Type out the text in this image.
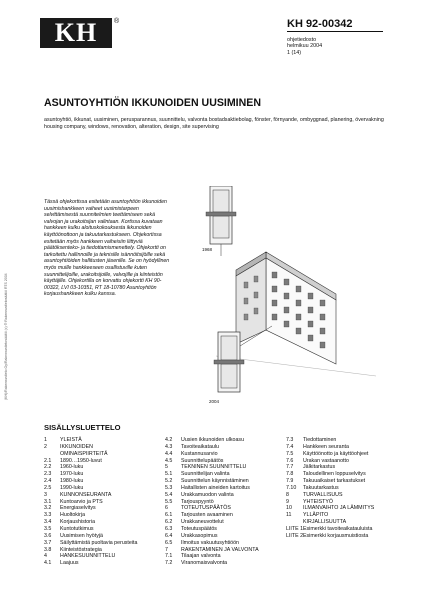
KH	®	KH 92-00342
ohjetiedosto
helmikuu 2004
1 (14)
ASUNTOYHTIÖN IKKUNOIDEN UUSIMINEN
asuntoyhtiö, ikkunat, uusiminen, perusparannus, suunnittelu, valvonta bostadsaktiebolag, fönster, förnyande, ombyggnad, planering, övervakning housing company, windows, renovation, alteration, design, site supervising
Tässä ohjekortissa esitetään asuntoyhtiön ikkunoiden uusimishankkeen vaiheet uusimistarpeen selvittämisestä suunnitelmien teettämiseen sekä valvojan ja urakoitsijan valintaan. Kortissa kuvataan hankkeen kulku aloituskokouksesta ikkunoiden käyttöönottoon ja takuutarkastukseen. Ohjekortissa esitetään myös hankkeen vaiheisiin liittyviä päätöksenteko- ja tiedottamismenettely. Ohjekortti on tarkoitettu hallinnoille ja teknisille isännöitsijöille sekä asuntoyhtiöiden hallitusten jäsenille. Se on hyödyllinen myös muille hankkeeseen osallistuville kuten suunnittelijoille, urakoitsijoille, valvojille ja kiinteistön käyttäjille. Ohjekortilla on korvattu ohjekortti KH 90-00322, LVI 03-10351, RT 18-10780 Asuntoyhtiön korjaushankkeen kulku kanssa.
1968
2004
SISÄLLYSLUETTELO
1	YLEISTÄ
2	IKKUNOIDEN
OMINAISPIIRTEITÄ
2.1	1890…1950-luvut
2.2	1960-luku
2.3	1970-luku
2.4	1980-luku
2.5	1990-luku
3	KUNNONSEURANTA
3.1	Kuntoarvio ja PTS
3.2	Energiaselvitys
3.3	Huoltokirja
3.4	Korjaushistoria
3.5	Kuntotutkimus
3.6	Uusimisen hyötyjä
3.7	Säilyttämistä puoltavia perusteita
3.8	Kiinteistöstrategia
4	HANKESUUNNITTELU
4.1	Laajuus
4.2	Uusien ikkunoiden ulkoasu
4.3	Tavoiteaikataulu
4.4	Kustannusarvio
4.5	Suunnittelupäätös
5	TEKNINEN SUUNNITTELU
5.1	Suunnittelijan valinta
5.2	Suunnittelun käynnistäminen
5.3	Haitallisten aineiden kartoitus
5.4	Urakkamuodon valinta
5.5	Tarjouspyyntö
6	TOTEUTUSPÄÄTÖS
6.1	Tarjousten avaaminen
6.2	Urakkaneuvottelut
6.3	Toteutuspäätös
6.4	Urakkasopimus
6.5	Ilmoitus vakuutusyhtiöön
7	RAKENTAMINEN JA VALVONTA
7.1	Tilaajan valvonta
7.2	Viranomaisvalvonta
7.3	Tiedottaminen
7.4	Hankkeen seuranta
7.5	Käyttöönotto ja käyttöohjeet
7.6	Urakan vastaanotto
7.7	Jälkitarkastus
7.8	Taloudellinen loppuselvitys
7.9	Takuuaikaiset tarkastukset
7.10	Takuutarkastus
8	TURVALLISUUS
9	YHTEISTYÖ
10	ILMANVAIHTO JA LÄMMITYS
11	YLLÄPITO
KIRJALLISUUTTA
LIITE 1.
Esimerkki tavoiteaikatauluista
LIITE 2.
Esimerkki korjausmuistiosta
(KH)/Rakennustieto Oy/Rakennustietosäätiö (c) ® Rakennustietosäätiö RTS 2004
